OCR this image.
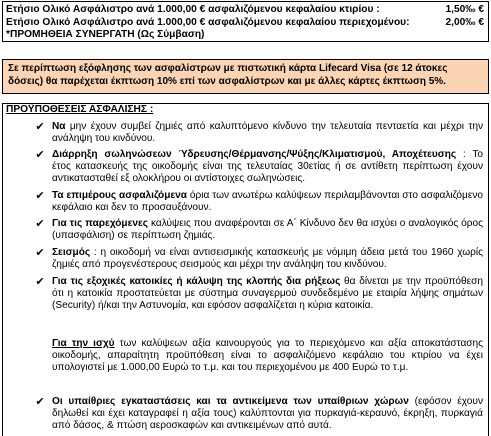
Ετήσιο Ολικό Ασφάλιστρο ανά 1.000,00 € ασφαλιζόμενου κεφαλαίου κτιρίου :	1,50‰ €
Ετήσιο Ολικό Ασφάλιστρο ανά 1.000,00 € ασφαλιζόμενου κεφαλαίου περιεχομένου:	2,00‰ €
*ΠΡΟΜΗΘΕΙΑ ΣΥΝΕΡΓΑΤΗ (Ως Σύμβαση)
Σε περίπτωση εξόφλησης των ασφαλίστρων με πιστωτική κάρτα Lifecard Visa (σε 12 άτοκες δόσεις) θα παρέχεται έκπτωση 10% επί των ασφαλίστρων και με άλλες κάρτες έκπτωση 5%.
ΠΡΟΫΠΟΘΕΣΕΙΣ ΑΣΦΑΛΙΣΗΣ :
✔ Να μην έχουν συμβεί ζημιές από καλυπτόμενο κίνδυνο την τελευταία πενταετία και μέχρι την ανάληψη του κινδύνου.
✔ Διάρρηξη σωληνώσεων Ύδρευσης/Θέρμανσης/Ψύξης/Κλιματισμού, Αποχέτευσης : Το έτος κατασκευής της οικοδομής είναι της τελευταίας 30ετίας ή σε αντίθετη περίπτωση έχουν αντικατασταθεί εξ ολοκλήρου οι αντίστοιχες σωληνώσεις.
✔ Τα επιμέρους ασφαλιζόμενα όρια των ανωτέρω καλύψεων περιλαμβάνονται στο ασφαλιζόμενο κεφάλαιο και δεν το προσαυξάνουν.
✔ Για τις παρεχόμενες καλύψεις που αναφέρονται σε Α΄ Κίνδυνο δεν θα ισχύει ο αναλογικός όρος (υπασφάλιση) σε περίπτωση ζημιάς.
✔ Σεισμός : η οικοδομή να είναι αντισεισμικής κατασκευής με νόμιμη άδεια μετά του 1960 χωρίς ζημιές από προγενέστερους σεισμούς και μέχρι την ανάληψη του κινδύνου.
✔ Για τις εξοχικές κατοικίες ή κάλυψη της κλοπής δια ρήξεως θα δίνεται με την προϋπόθεση ότι η κατοικία προστατεύεται με σύστημα συναγερμού συνδεδεμένο με εταιρία λήψης σημάτων (Security) ή/και την Αστυνομία, και εφόσον ασφαλίζεται η κύρια κατοικία.
Για την ισχύ των καλύψεων αξία καινουργούς για το περιεχόμενο και αξία αποκατάστασης οικοδομής, απαραίτητη προϋπόθεση είναι το ασφαλιζόμενο κεφάλαιο του κτιρίου να έχει υπολογιστεί με 1.000,00 Ευρώ το τ.μ. και του περιεχομένου με 400 Ευρώ το τ.μ.
✔ Οι υπαίθριες εγκαταστάσεις και τα αντικείμενα των υπαίθριων χώρων (εφόσον έχουν δηλωθεί και έχει καταγραφεί η αξία τους) καλύπτονται για πυρκαγιά-κεραυνό, έκρηξη, πυρκαγιά από δάσος, & πτώση αεροσκαφών και αντικειμένων από αυτά.
